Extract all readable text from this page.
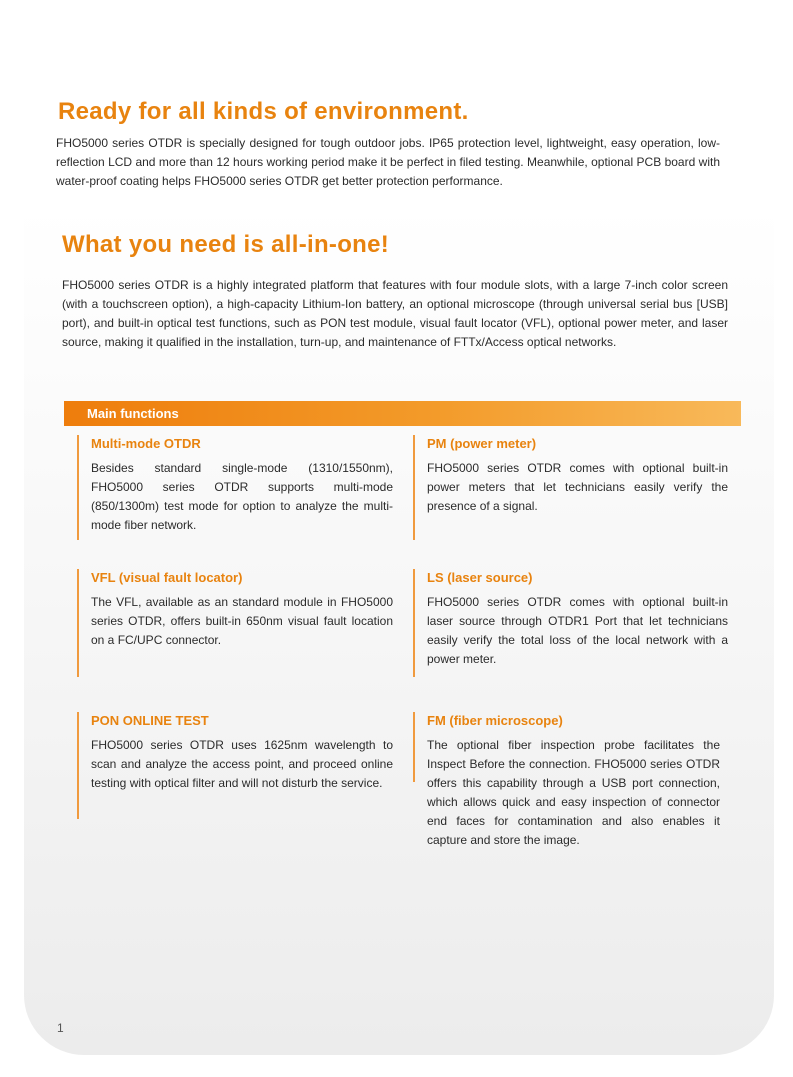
Ready for all kinds of environment.

FHO5000 series OTDR is specially designed for tough outdoor jobs. IP65 protection level, lightweight, easy operation, low-reflection LCD and more than 12 hours working period make it be perfect in filed testing. Meanwhile, optional PCB board with water-proof coating helps FHO5000 series OTDR get better protection performance.

What you need is all-in-one!

FHO5000 series OTDR is a highly integrated platform that features with four module slots, with a large 7-inch color screen (with a touchscreen option), a high-capacity Lithium-Ion battery, an optional microscope (through universal serial bus [USB] port), and built-in optical test functions, such as PON test module, visual fault locator (VFL), optional power meter, and laser source, making it qualified in the installation, turn-up, and maintenance of FTTx/Access optical networks.

Main functions
Multi-mode OTDR

Besides standard single-mode (1310/1550nm), FHO5000 series OTDR supports multi-mode (850/1300m) test mode for option to analyze the multi-mode fiber network.

PM (power meter)

FHO5000 series OTDR comes with optional built-in power meters that let technicians easily verify the presence of a signal.

VFL (visual fault locator)

The VFL, available as an standard module in FHO5000 series OTDR, offers built-in 650nm visual fault location on a FC/UPC connector.

LS (laser source)

FHO5000 series OTDR comes with optional built-in laser source through OTDR1 Port that let technicians easily verify the total loss of the local network with a power meter.

PON ONLINE TEST

FHO5000 series OTDR uses 1625nm wavelength to scan and analyze the access point, and proceed online testing with optical filter and will not disturb the service.

FM (fiber microscope)

The optional fiber inspection probe facilitates the Inspect Before the connection. FHO5000 series OTDR offers this capability through a USB port connection, which allows quick and easy inspection of connector end faces for contamination and also enables it capture and store the image.

1
